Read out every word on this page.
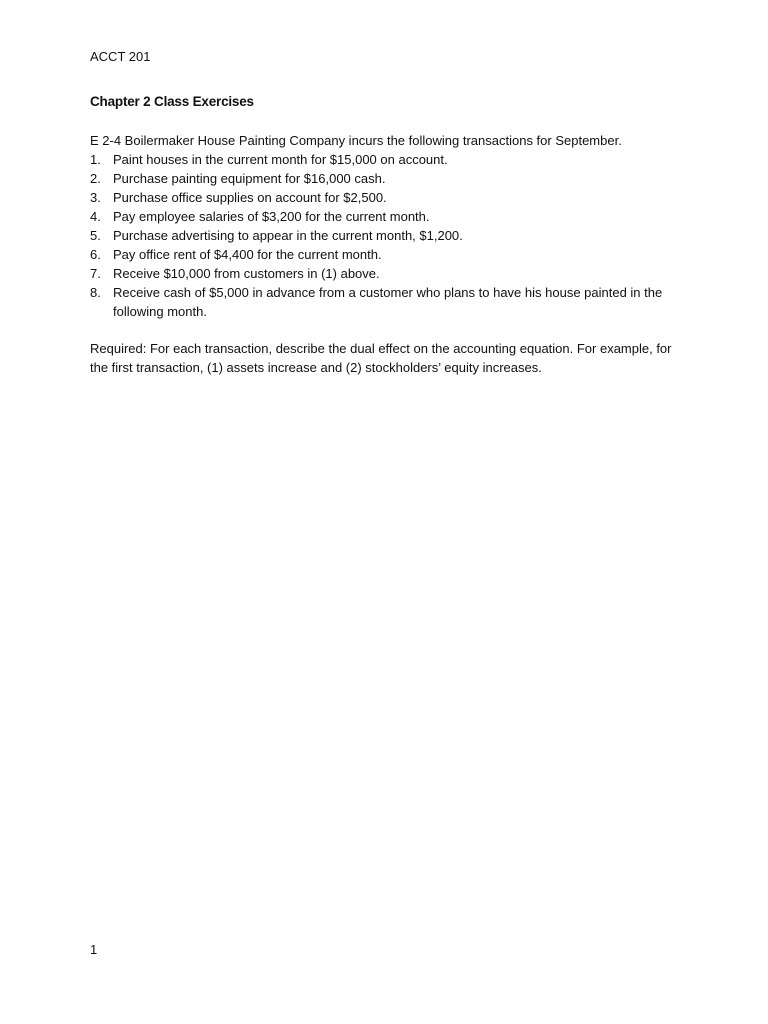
ACCT 201
Chapter 2 Class Exercises

E 2-4 Boilermaker House Painting Company incurs the following transactions for September.

1. Paint houses in the current month for $15,000 on account.
2. Purchase painting equipment for $16,000 cash.
3. Purchase office supplies on account for $2,500.
4. Pay employee salaries of $3,200 for the current month.
5. Purchase advertising to appear in the current month, $1,200.
6. Pay office rent of $4,400 for the current month.
7. Receive $10,000 from customers in (1) above.
8. Receive cash of $5,000 in advance from a customer who plans to have his house painted in the following month.

Required: For each transaction, describe the dual effect on the accounting equation. For example, for the first transaction, (1) assets increase and (2) stockholders’ equity increases.

1
